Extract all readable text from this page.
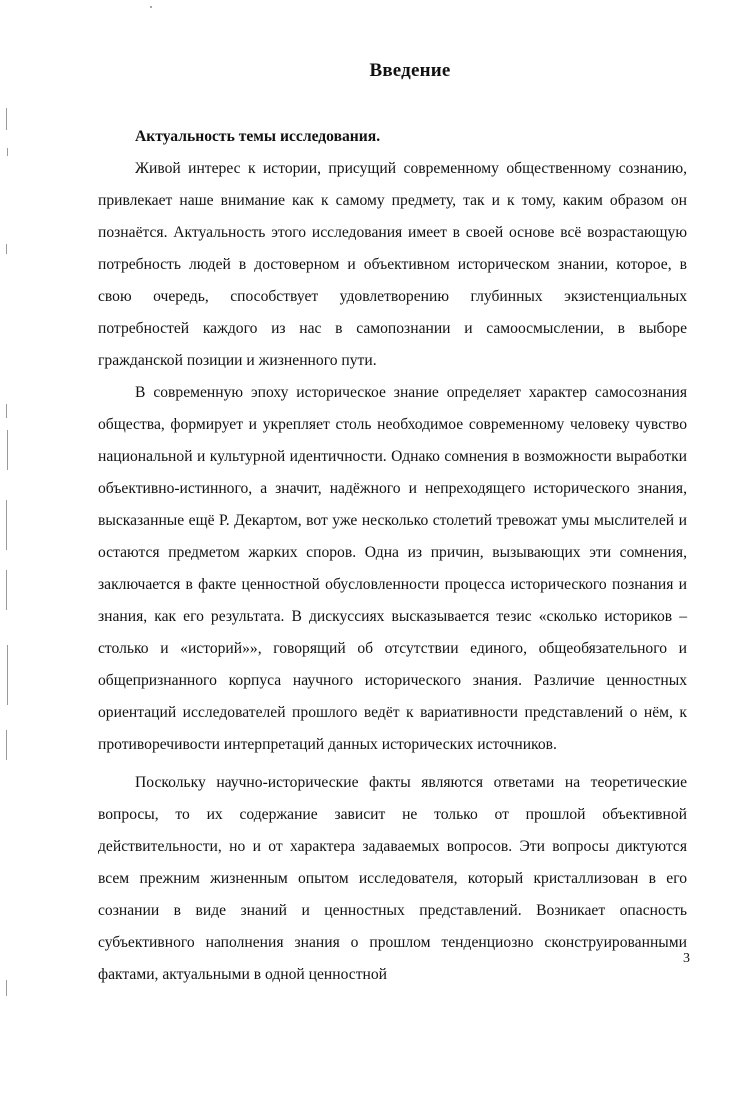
Введение

Актуальность темы исследования.

Живой интерес к истории, присущий современному общественному сознанию, привлекает наше внимание как к самому предмету, так и к тому, каким образом он познаётся. Актуальность этого исследования имеет в своей основе всё возрастающую потребность людей в достоверном и объективном историческом знании, которое, в свою очередь, способствует удовлетворению глубинных экзистенциальных потребностей каждого из нас в самопознании и самоосмыслении, в выборе гражданской позиции и жизненного пути.

В современную эпоху историческое знание определяет характер самосознания общества, формирует и укрепляет столь необходимое современному человеку чувство национальной и культурной идентичности. Однако сомнения в возможности выработки объективно-истинного, а значит, надёжного и непреходящего исторического знания, высказанные ещё Р. Декартом, вот уже несколько столетий тревожат умы мыслителей и остаются предметом жарких споров. Одна из причин, вызывающих эти сомнения, заключается в факте ценностной обусловленности процесса исторического познания и знания, как его результата. В дискуссиях высказывается тезис «сколько историков – столько и «историй»», говорящий об отсутствии единого, общеобязательного и общепризнанного корпуса научного исторического знания. Различие ценностных ориентаций исследователей прошлого ведёт к вариативности представлений о нём, к противоречивости интерпретаций данных исторических источников.

Поскольку научно-исторические факты являются ответами на теоретические вопросы, то их содержание зависит не только от прошлой объективной действительности, но и от характера задаваемых вопросов. Эти вопросы диктуются всем прежним жизненным опытом исследователя, который кристаллизован в его сознании в виде знаний и ценностных представлений. Возникает опасность субъективного наполнения знания о прошлом тенденциозно сконструированными фактами, актуальными в одной ценностной

3
